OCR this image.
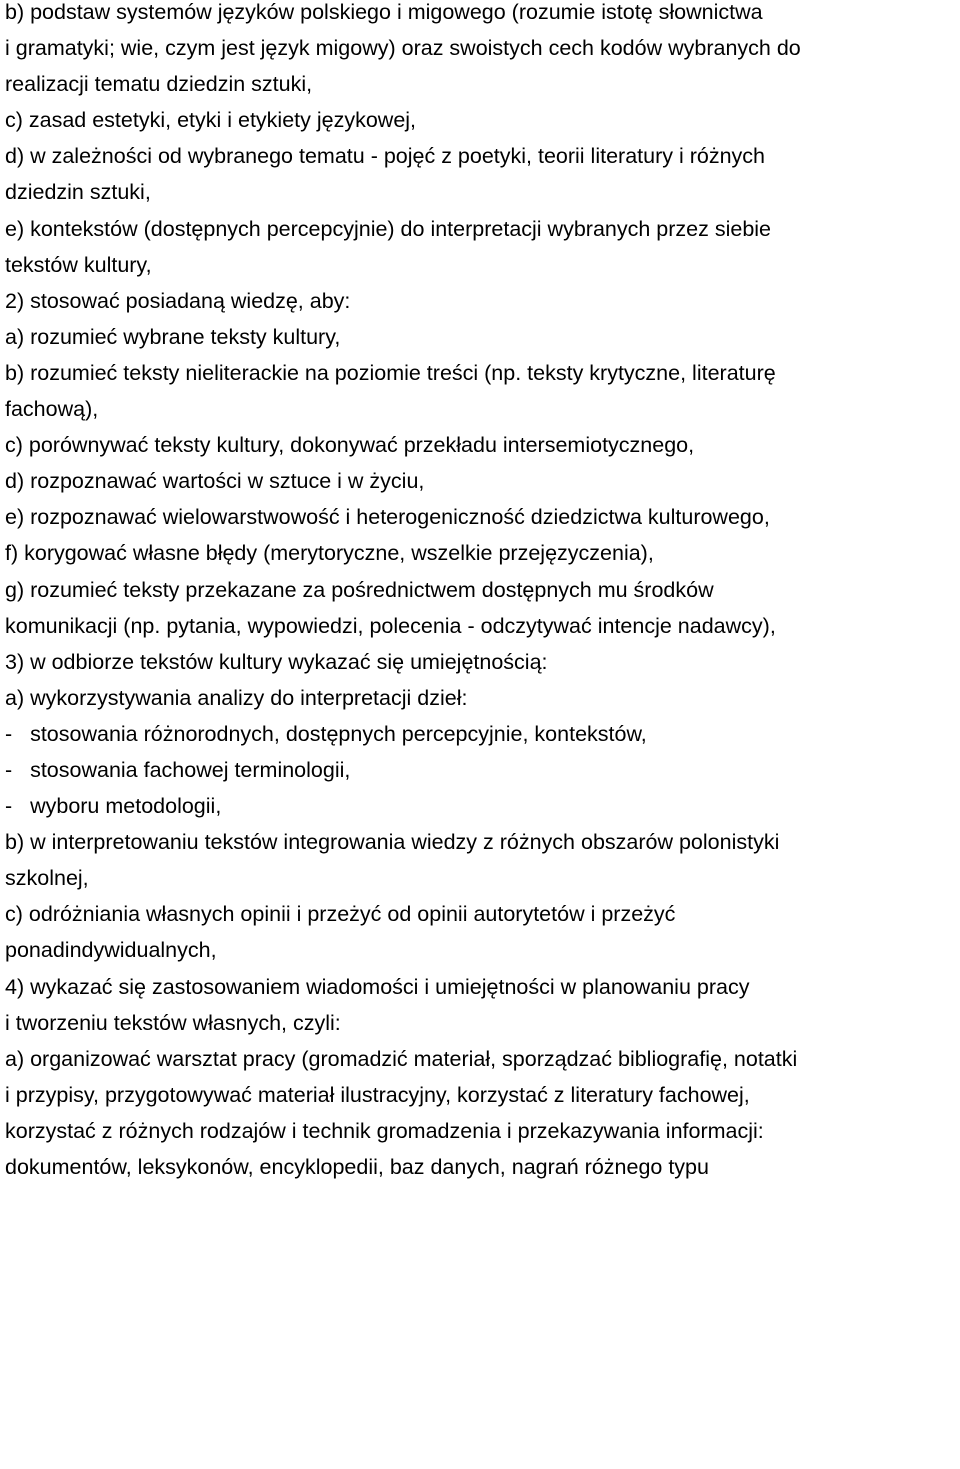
b) podstaw systemów języków polskiego i migowego (rozumie istotę słownictwa
i gramatyki; wie, czym jest język migowy) oraz swoistych cech kodów wybranych do
realizacji tematu dziedzin sztuki,
c) zasad estetyki, etyki i etykiety językowej,
d) w zależności od wybranego tematu - pojęć z poetyki, teorii literatury i różnych
dziedzin sztuki,
e) kontekstów (dostępnych percepcyjnie) do interpretacji wybranych przez siebie
tekstów kultury,
2) stosować posiadaną wiedzę, aby:
a) rozumieć wybrane teksty kultury,
b) rozumieć teksty nieliterackie na poziomie treści (np. teksty krytyczne, literaturę
fachową),
c) porównywać teksty kultury, dokonywać przekładu intersemiotycznego,
d) rozpoznawać wartości w sztuce i w życiu,
e) rozpoznawać wielowarstwowość i heterogeniczność dziedzictwa kulturowego,
f) korygować własne błędy (merytoryczne, wszelkie przejęzyczenia),
g) rozumieć teksty przekazane za pośrednictwem dostępnych mu środków
komunikacji (np. pytania, wypowiedzi, polecenia - odczytywać intencje nadawcy),
3) w odbiorze tekstów kultury wykazać się umiejętnością:
a) wykorzystywania analizy do interpretacji dzieł:
-   stosowania różnorodnych, dostępnych percepcyjnie, kontekstów,
-   stosowania fachowej terminologii,
-   wyboru metodologii,
b) w interpretowaniu tekstów integrowania wiedzy z różnych obszarów polonistyki
szkolnej,
c) odróżniania własnych opinii i przeżyć od opinii autorytetów i przeżyć
ponadindywidualnych,
4) wykazać się zastosowaniem wiadomości i umiejętności w planowaniu pracy
i tworzeniu tekstów własnych, czyli:
a) organizować warsztat pracy (gromadzić materiał, sporządzać bibliografię, notatki
i przypisy, przygotowywać materiał ilustracyjny, korzystać z literatury fachowej,
korzystać z różnych rodzajów i technik gromadzenia i przekazywania informacji:
dokumentów, leksykonów, encyklopedii, baz danych, nagrań różnego typu
